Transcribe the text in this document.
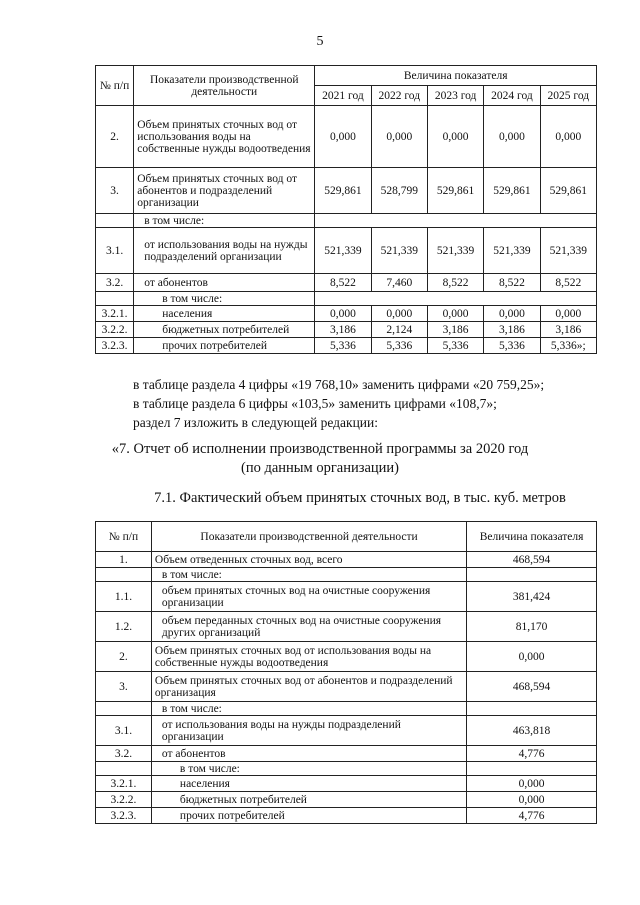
5
№ п/п	Показатели производственной деятельности	Величина показателя				
		2021 год	2022 год	2023 год	2024 год	2025 год
2.	Объем принятых сточных вод от использования воды на собственные нужды водоотведения	0,000	0,000	0,000	0,000	0,000
3.	Объем принятых сточных вод от абонентов и подразделений организации	529,861	528,799	529,861	529,861	529,861
	в том числе:					
3.1.	от использования воды на нужды подразделений организации	521,339	521,339	521,339	521,339	521,339
3.2.	от абонентов	8,522	7,460	8,522	8,522	8,522
	в том числе:					
3.2.1.	населения	0,000	0,000	0,000	0,000	0,000
3.2.2.	бюджетных потребителей	3,186	2,124	3,186	3,186	3,186
3.2.3.	прочих потребителей	5,336	5,336	5,336	5,336	5,336»;
в таблице раздела 4 цифры «19 768,10» заменить цифрами «20 759,25»;
в таблице раздела 6 цифры «103,5» заменить цифрами «108,7»;
раздел 7 изложить в следующей редакции:
«7. Отчет об исполнении производственной программы за 2020 год
(по данным организации)
7.1. Фактический объем принятых сточных вод, в тыс. куб. метров
№ п/п	Показатели производственной деятельности	Величина показателя
1.	Объем отведенных сточных вод, всего	468,594
	в том числе:	
1.1.	объем принятых сточных вод на очистные сооружения организации	381,424
1.2.	объем переданных сточных вод на очистные сооружения других организаций	81,170
2.	Объем принятых сточных вод от использования воды на собственные нужды водоотведения	0,000
3.	Объем принятых сточных вод от абонентов и подразделений организация	468,594
	в том числе:	
3.1.	от использования воды на нужды подразделений организации	463,818
3.2.	от абонентов	4,776
	в том числе:	
3.2.1.	населения	0,000
3.2.2.	бюджетных потребителей	0,000
3.2.3.	прочих потребителей	4,776
